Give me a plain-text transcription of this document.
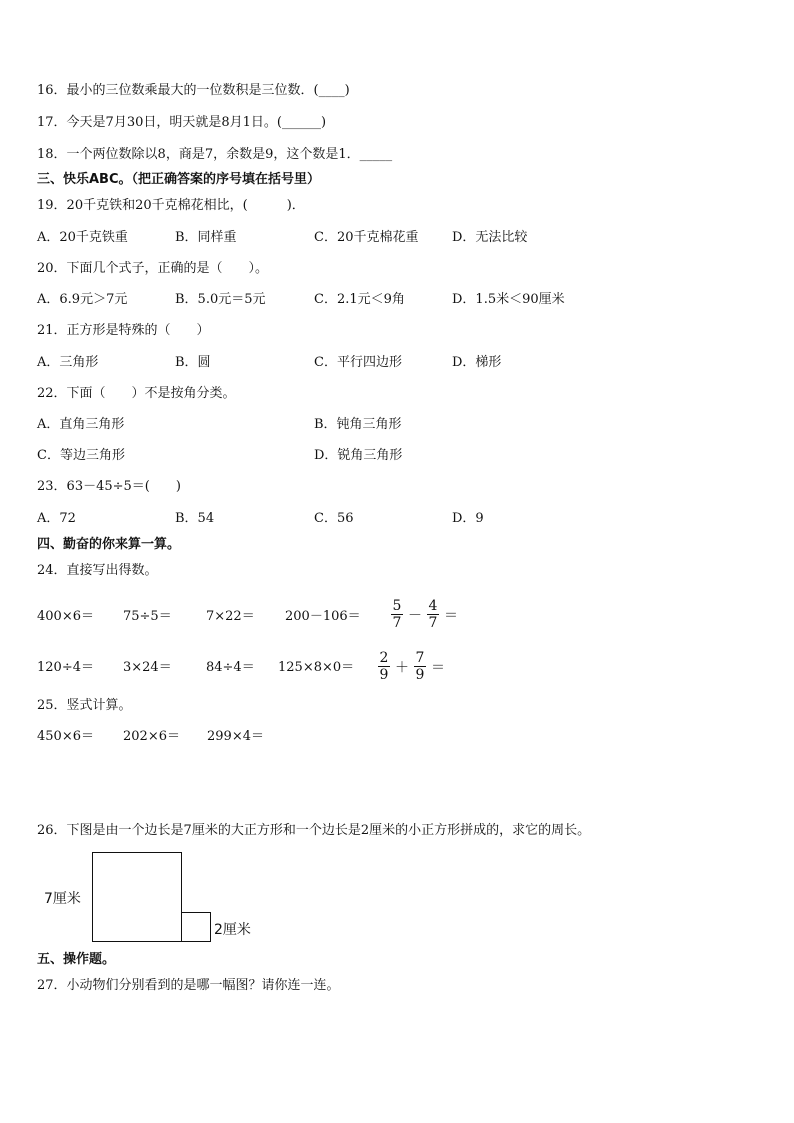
16．最小的三位数乘最大的一位数积是三位数．(____)
17．今天是7月30日，明天就是8月1日。(______)
18．一个两位数除以8，商是7，余数是9，这个数是1．_____
三、快乐ABC。（把正确答案的序号填在括号里）
19．20千克铁和20千克棉花相比，(　　　)．
A．20千克铁重	B．同样重	C．20千克棉花重	D．无法比较
20．下面几个式子，正确的是（　　）。
A．6.9元＞7元	B．5.0元＝5元	C．2.1元＜9角	D．1.5米＜90厘米
21．正方形是特殊的（　　）
A．三角形	B．圆	C．平行四边形	D．梯形
22．下面（　　）不是按角分类。
A．直角三角形	B．钝角三角形
C．等边三角形	D．锐角三角形
23．63－45÷5＝(　　)
A．72	B．54	C．56	D．9
四、勤奋的你来算一算。
24．直接写出得数。
400×6＝ 75÷5＝	7×22＝ 200－106＝
5
7 －
4
7 ＝
120÷4＝ 3×24＝	84÷4＝ 125×8×0＝
2
9 ＋
7
9 ＝
25．竖式计算。
450×6＝ 202×6＝ 299×4＝
26．下图是由一个边长是7厘米的大正方形和一个边长是2厘米的小正方形拼成的，求它的周长。
7厘米
2厘米
五、操作题。
27．小动物们分别看到的是哪一幅图？请你连一连。
